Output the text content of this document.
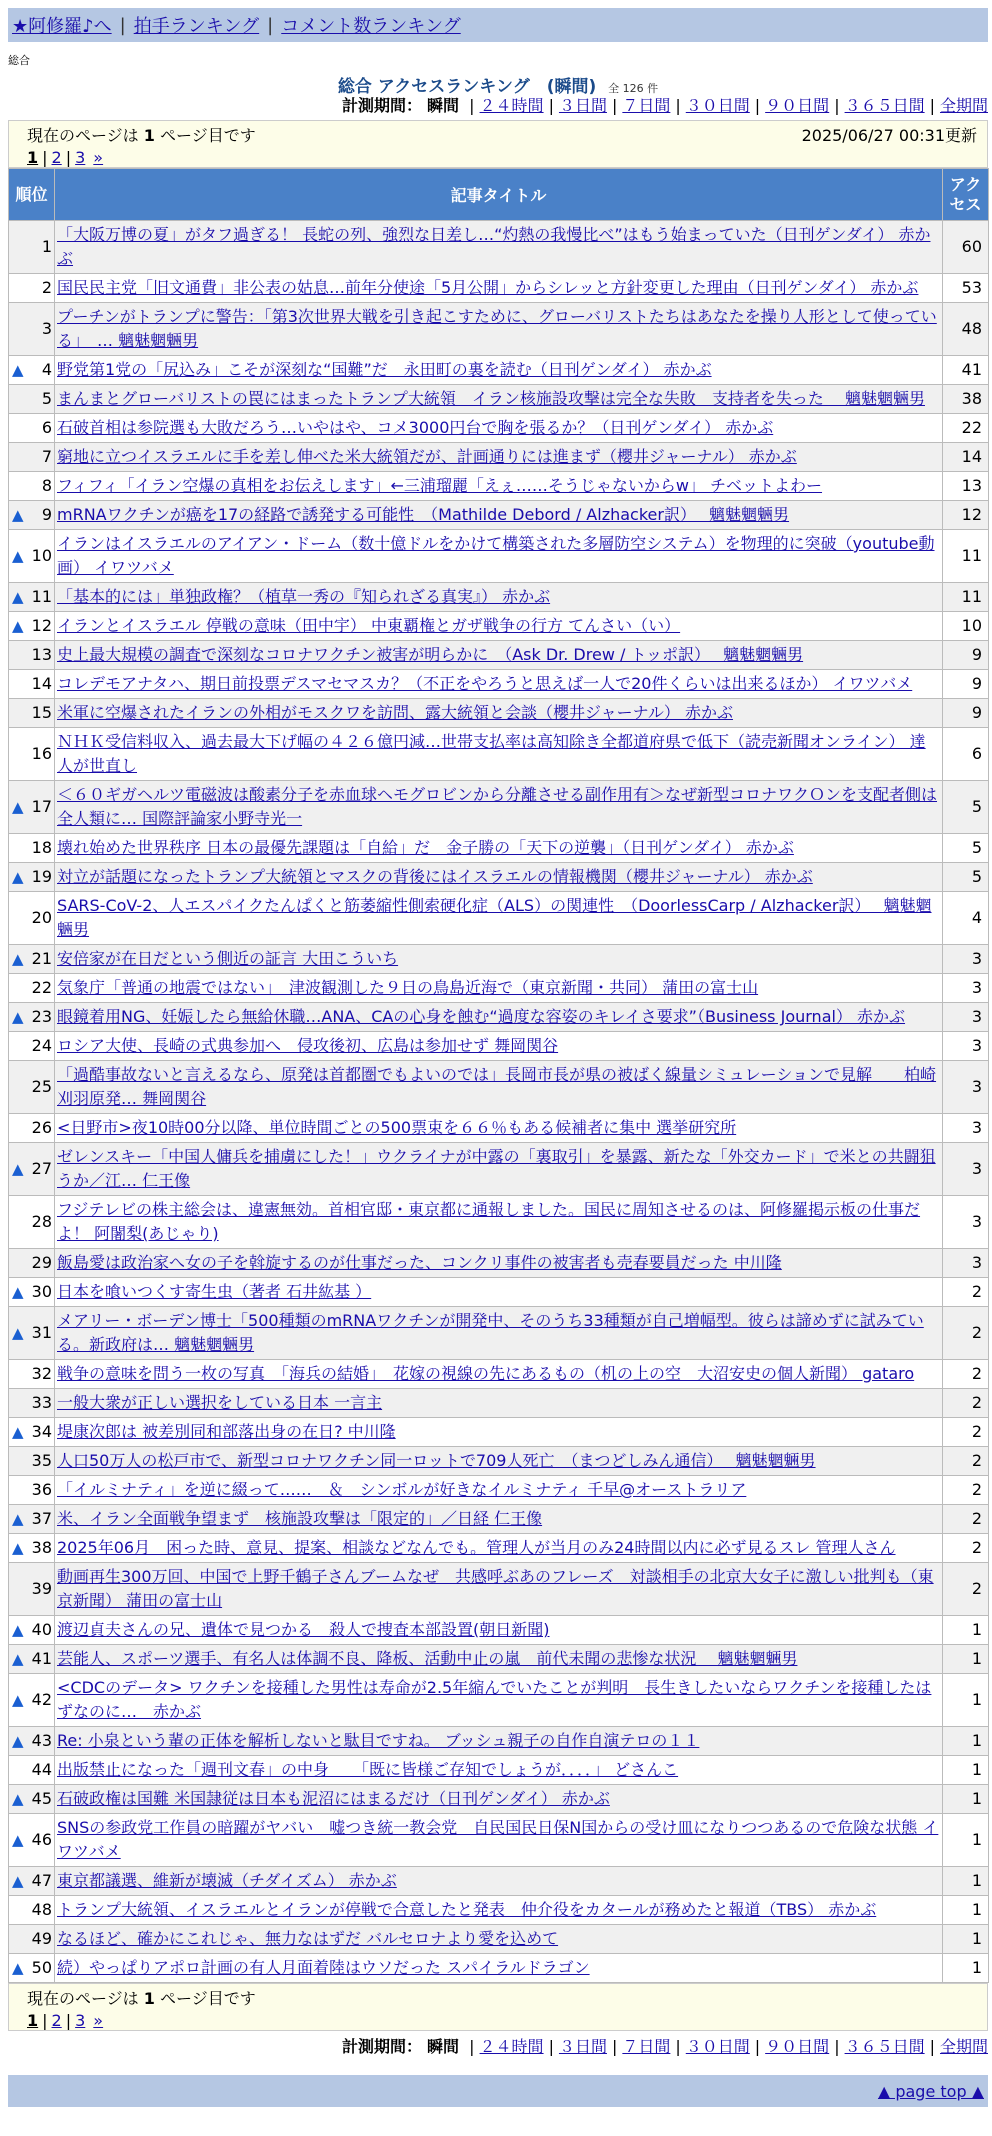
★阿修羅♪へ | 拍手ランキング | コメント数ランキング
総合
総合 アクセスランキング　(瞬間) 全 126 件
計測期間： 瞬間 | ２４時間 | ３日間 | ７日間 | ３０日間 | ９０日間 | ３６５日間 | 全期間
現在のページは 1 ページ目です	2025/06/27 00:31更新
1 | 2 | 3 »
順位	記事タイトル	アクセス
1	「大阪万博の夏」がタフ過ぎる！ 長蛇の列、強烈な日差し…“灼熱の我慢比べ”はもう始まっていた（日刊ゲンダイ） 赤かぶ	60
2	国民民主党「旧文通費」非公表の姑息…前年分使途「5月公開」からシレッと方針変更した理由（日刊ゲンダイ） 赤かぶ	53
3	プーチンがトランプに警告：「第3次世界大戦を引き起こすために、グローバリストたちはあなたを操り人形として使っている」　… 魑魅魍魎男	48

▲ 4	野党第1党の「尻込み」こそが深刻な“国難”だ　永田町の裏を読む（日刊ゲンダイ） 赤かぶ	41
5	まんまとグローバリストの罠にはまったトランプ大統領　イラン核施設攻撃は完全な失敗　支持者を失った　 魑魅魍魎男	38
6	石破首相は参院選も大敗だろう…いやはや、コメ3000円台で胸を張るか？（日刊ゲンダイ） 赤かぶ	22
7	窮地に立つイスラエルに手を差し伸べた米大統領だが、計画通りには進まず（櫻井ジャーナル） 赤かぶ	14
8	フィフィ「イラン空爆の真相をお伝えします」←三浦瑠麗「えぇ……そうじゃないからw」 チベットよわー	13

▲ 9	mRNAワクチンが癌を17の経路で誘発する可能性　（Mathilde Debord / Alzhacker訳）　 魑魅魍魎男	12

▲ 10	イランはイスラエルのアイアン・ドーム（数十億ドルをかけて構築された多層防空システム）を物理的に突破（youtube動画） イワツバメ	11

▲ 11	「基本的には」単独政権？（植草一秀の『知られざる真実』） 赤かぶ	11

▲ 12	イランとイスラエル 停戦の意味（田中宇） 中東覇権とガザ戦争の行方 てんさい（い）	10
13	史上最大規模の調査で深刻なコロナワクチン被害が明らかに　（Ask Dr. Drew / トッポ訳）　 魑魅魍魎男	9
14	コレデモアナタハ、期日前投票デスマセマスカ？（不正をやろうと思えば一人で20件くらいは出来るほか） イワツバメ	9
15	米軍に空爆されたイランの外相がモスクワを訪問、露大統領と会談（櫻井ジャーナル） 赤かぶ	9
16	ＮＨＫ受信料収入、過去最大下げ幅の４２６億円減…世帯支払率は高知除き全都道府県で低下（読売新聞オンライン） 達人が世直し	6

▲ 17	＜６０ギガヘルツ電磁波は酸素分子を赤血球ヘモグロビンから分離させる副作用有＞なぜ新型コロナワクＯンを支配者側は全人類に… 国際評論家小野寺光一	5
18	壊れ始めた世界秩序 日本の最優先課題は「自給」だ　金子勝の「天下の逆襲」（日刊ゲンダイ） 赤かぶ	5

▲ 19	対立が話題になったトランプ大統領とマスクの背後にはイスラエルの情報機関（櫻井ジャーナル） 赤かぶ	5
20	SARS-CoV-2、人エスパイクたんぱくと筋萎縮性側索硬化症（ALS）の関連性　（DoorlessCarp / Alzhacker訳）　 魑魅魍魎男	4

▲ 21	安倍家が在日だという側近の証言 大田こういち	3
22	気象庁「普通の地震ではない」　津波観測した９日の鳥島近海で（東京新聞・共同） 蒲田の富士山	3

▲ 23	眼鏡着用NG、妊娠したら無給休職…ANA、CAの心身を蝕む“過度な容姿のキレイさ要求”（Business Journal） 赤かぶ	3
24	ロシア大使、長崎の式典参加へ　侵攻後初、広島は参加せず 舞岡関谷	3
25	「過酷事故ないと言えるなら、原発は首都圏でもよいのでは」長岡市長が県の被ばく線量シミュレーションで見解　　柏崎刈羽原発… 舞岡関谷	3
26	<日野市>夜10時00分以降、単位時間ごとの500票束を６６％もある候補者に集中 選挙研究所	3

▲ 27	ゼレンスキー「中国人傭兵を捕虜にした！」ウクライナが中露の「裏取引」を暴露、新たな「外交カード」で米との共闘狙うか／江… 仁王像	3
28	フジテレビの株主総会は、違憲無効。首相官邸・東京都に通報しました。国民に周知させるのは、阿修羅掲示板の仕事だよ！ 阿闍梨(あじゃり)	3
29	飯島愛は政治家へ女の子を斡旋するのが仕事だった、コンクリ事件の被害者も売春要員だった 中川隆	3

▲ 30	日本を喰いつくす寄生虫（著者 石井紘基 ）	2

▲ 31	メアリー・ボーデン博士「500種類のmRNAワクチンが開発中、そのうち33種類が自己増幅型。彼らは諦めずに試みている。新政府は… 魑魅魍魎男	2
32	戦争の意味を問う一枚の写真　「海兵の結婚」　花嫁の視線の先にあるもの（机の上の空　大沼安史の個人新聞） gataro	2
33	一般大衆が正しい選択をしている日本 一言主	2

▲ 34	堤康次郎は 被差別同和部落出身の在日? 中川隆	2
35	人口50万人の松戸市で、新型コロナワクチン同一ロットで709人死亡　（まつどしみん通信）　 魑魅魍魎男	2
36	「イルミナティ」を逆に綴って……　＆　シンボルが好きなイルミナティ 千早@オーストラリア	2

▲ 37	米、イラン全面戦争望まず　核施設攻撃は「限定的」／日経 仁王像	2

▲ 38	2025年06月　困った時、意見、提案、相談などなんでも。管理人が当月のみ24時間以内に必ず見るスレ 管理人さん	2
39	動画再生300万回、中国で上野千鶴子さんブームなぜ　共感呼ぶあのフレーズ　対談相手の北京大女子に激しい批判も（東京新聞） 蒲田の富士山	2

▲ 40	渡辺貞夫さんの兄、遺体で見つかる　殺人で捜査本部設置(朝日新聞)	1

▲ 41	芸能人、スポーツ選手、有名人は体調不良、降板、活動中止の嵐　前代未聞の悲惨な状況　 魑魅魍魎男	1

▲ 42	<CDCのデータ> ワクチンを接種した男性は寿命が2.5年縮んでいたことが判明　長生きしたいならワクチンを接種したはずなのに…　赤かぶ	1

▲ 43	Re: 小泉という輩の正体を解析しないと駄目ですね。 ブッシュ親子の自作自演テロの１１	1
44	出版禁止になった「週刊文春」の中身　　「既に皆様ご存知でしょうが．．．．」 どさんこ	1

▲ 45	石破政権は国難 米国隷従は日本も泥沼にはまるだけ（日刊ゲンダイ） 赤かぶ	1

▲ 46	SNSの参政党工作員の暗躍がヤバい　嘘つき統一教会党　自民国民日保N国からの受け皿になりつつあるので危険な状態 イワツバメ	1

▲ 47	東京都議選、維新が壊滅（チダイズム） 赤かぶ	1
48	トランプ大統領、イスラエルとイランが停戦で合意したと発表　仲介役をカタールが務めたと報道（TBS） 赤かぶ	1
49	なるほど、確かにこれじゃ、無力なはずだ バルセロナより愛を込めて	1

▲ 50	続）やっぱりアポロ計画の有人月面着陸はウソだった スパイラルドラゴン	1
現在のページは 1 ページ目です
1 | 2 | 3 »
計測期間： 瞬間 | ２４時間 | ３日間 | ７日間 | ３０日間 | ９０日間 | ３６５日間 | 全期間
▲ page top ▲
